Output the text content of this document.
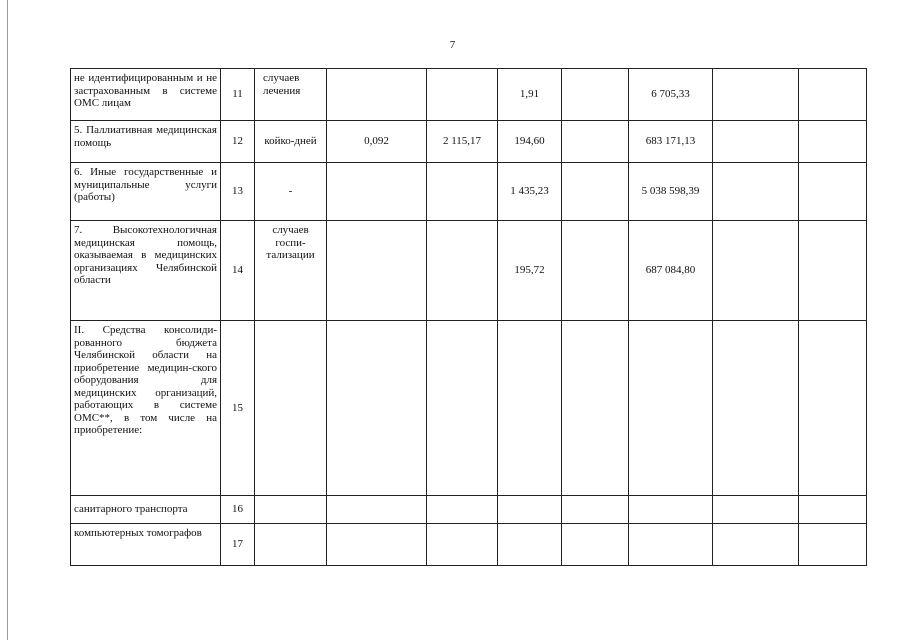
7
не идентифицированным и не застрахованным в системе ОМС лицам	11	случаев лечения			1,91		6 705,33		
5. Паллиативная медицинская помощь	12	койко-дней	0,092	2 115,17	194,60		683 171,13		
6. Иные государственные и муниципальные услуги (работы)	13	-			1 435,23		5 038 598,39		
7. Высокотехнологичная медицинская помощь, оказываемая в медицинских организациях Челябинской области	14	случаев госпи-тализации			195,72		687 084,80		
II. Средства консолиди-рованного бюджета Челябинской области на приобретение медицин-ского оборудования для медицинских организаций, работающих в системе ОМС**, в том числе на приобретение:	15								
санитарного транспорта	16								
компьютерных томографов	17								
